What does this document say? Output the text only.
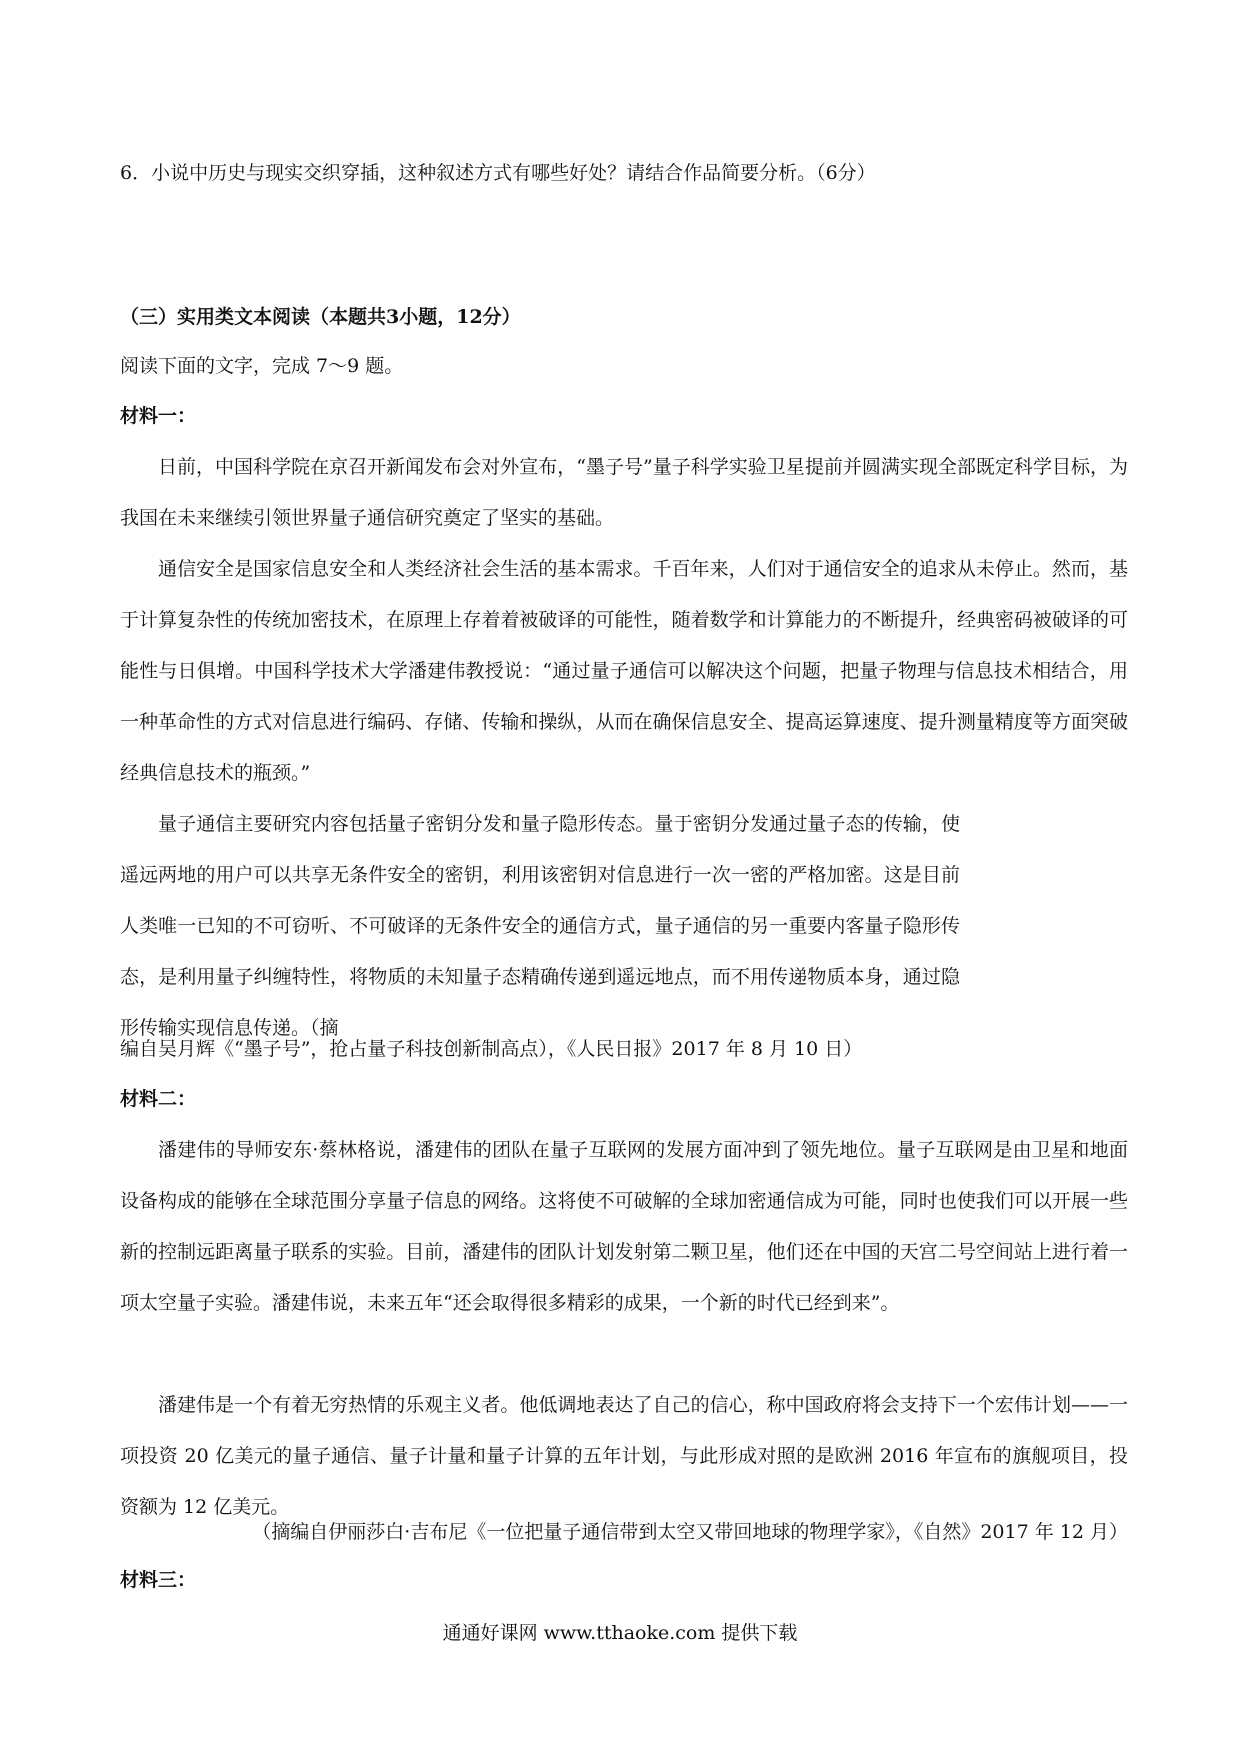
6．小说中历史与现实交织穿插，这种叙述方式有哪些好处？请结合作品简要分析。（6分）
（三）实用类文本阅读（本题共3小题，12分）
阅读下面的文字，完成 7～9 题。
材料一：
日前，中国科学院在京召开新闻发布会对外宣布，“墨子号”量子科学实验卫星提前并圆满实现全部既定科学目标，为我国在未来继续引领世界量子通信研究奠定了坚实的基础。
通信安全是国家信息安全和人类经济社会生活的基本需求。千百年来，人们对于通信安全的追求从未停止。然而，基于计算复杂性的传统加密技术，在原理上存着着被破译的可能性，随着数学和计算能力的不断提升，经典密码被破译的可能性与日俱增。中国科学技术大学潘建伟教授说：“通过量子通信可以解决这个问题，把量子物理与信息技术相结合，用一种革命性的方式对信息进行编码、存储、传输和操纵，从而在确保信息安全、提高运算速度、提升测量精度等方面突破经典信息技术的瓶颈。”
量子通信主要研究内容包括量子密钥分发和量子隐形传态。量于密钥分发通过量子态的传输，使遥远两地的用户可以共享无条件安全的密钥，利用该密钥对信息进行一次一密的严格加密。这是目前人类唯一已知的不可窃听、不可破译的无条件安全的通信方式，量子通信的另一重要内客量子隐形传态，是利用量子纠缠特性，将物质的未知量子态精确传递到遥远地点，而不用传递物质本身，通过隐形传输实现信息传递。（摘
编自吴月辉《“墨子号”，抢占量子科技创新制高点），《人民日报》2017 年 8 月 10 日）
材料二：
潘建伟的导师安东·蔡林格说，潘建伟的团队在量子互联网的发展方面冲到了领先地位。量子互联网是由卫星和地面设备构成的能够在全球范围分享量子信息的网络。这将使不可破解的全球加密通信成为可能，同时也使我们可以开展一些新的控制远距离量子联系的实验。目前，潘建伟的团队计划发射第二颗卫星，他们还在中国的天宫二号空间站上进行着一项太空量子实验。潘建伟说，未来五年“还会取得很多精彩的成果，一个新的时代已经到来”。
潘建伟是一个有着无穷热情的乐观主义者。他低调地表达了自己的信心，称中国政府将会支持下一个宏伟计划——一项投资 20 亿美元的量子通信、量子计量和量子计算的五年计划，与此形成对照的是欧洲 2016 年宣布的旗舰项目，投资额为 12 亿美元。
（摘编自伊丽莎白·吉布尼《一位把量子通信带到太空又带回地球的物理学家》，《自然》2017 年 12 月）
材料三：
通通好课网 www.tthaoke.com 提供下载
